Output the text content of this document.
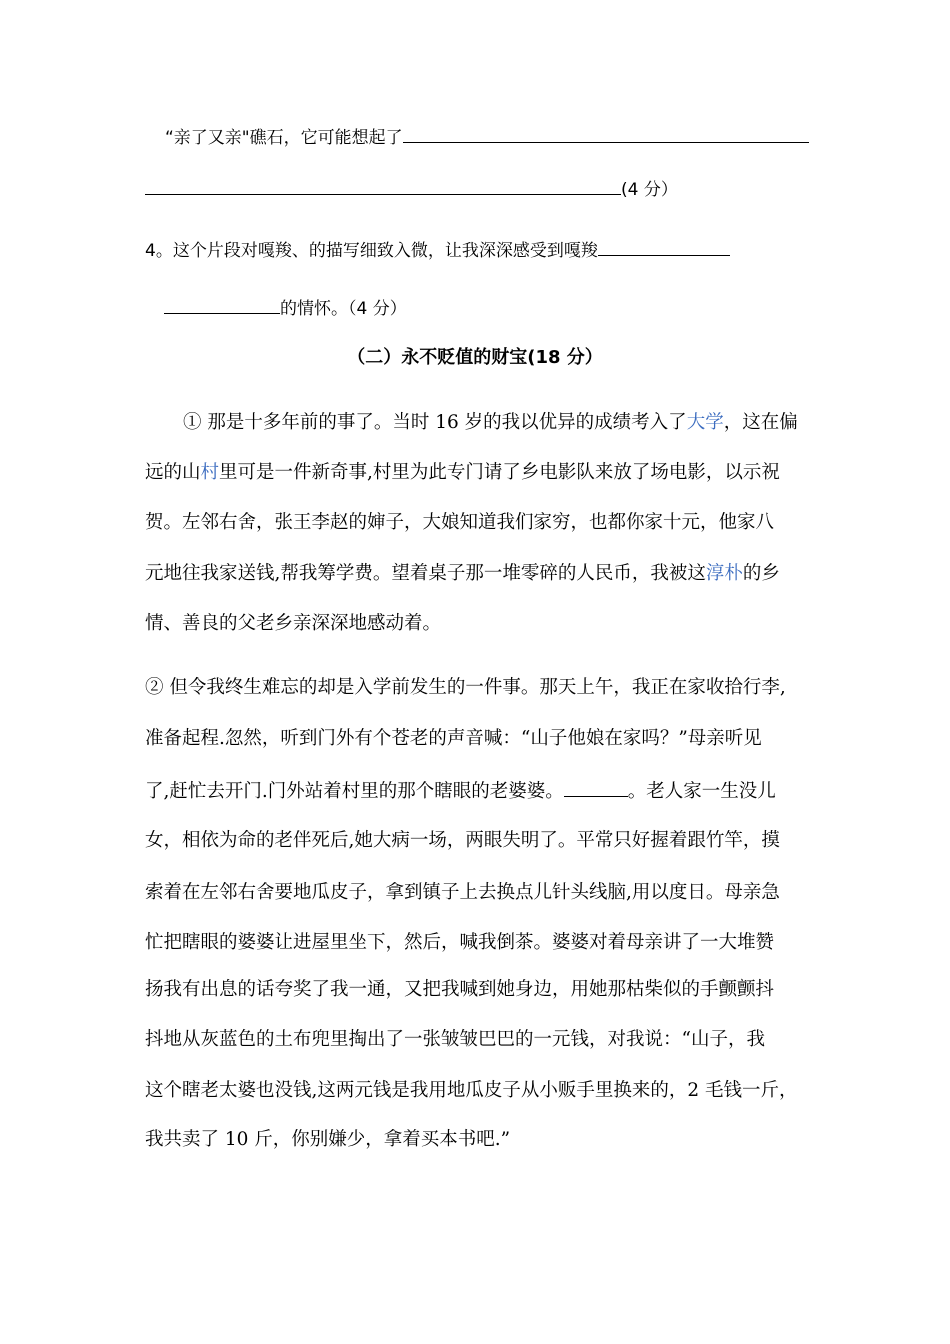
“亲了又亲"礁石，它可能想起了
(4 分）
4。这个片段对嘎羧、的描写细致入微，让我深深感受到嘎羧
的情怀。（4 分）
（二）永不贬值的财宝(18 分）
① 那是十多年前的事了。当时 16 岁的我以优异的成绩考入了大学，这在偏
远的山村里可是一件新奇事,村里为此专门请了乡电影队来放了场电影，以示祝
贺。左邻右舍，张王李赵的婶子，大娘知道我们家穷，也都你家十元，他家八
元地往我家送钱,帮我筹学费。望着桌子那一堆零碎的人民币，我被这淳朴的乡
情、善良的父老乡亲深深地感动着。
② 但令我终生难忘的却是入学前发生的一件事。那天上午，我正在家收拾行李,
准备起程.忽然，听到门外有个苍老的声音喊：“山子他娘在家吗？”母亲听见
了,赶忙去开门.门外站着村里的那个瞎眼的老婆婆。	。老人家一生没儿
女，相依为命的老伴死后,她大病一场，两眼失明了。平常只好握着跟竹竿，摸
索着在左邻右舍要地瓜皮子，拿到镇子上去换点儿针头线脑,用以度日。母亲急
忙把瞎眼的婆婆让进屋里坐下，然后，喊我倒茶。婆婆对着母亲讲了一大堆赞
扬我有出息的话夸奖了我一通，又把我喊到她身边，用她那枯柴似的手颤颤抖
抖地从灰蓝色的土布兜里掏出了一张皱皱巴巴的一元钱，对我说：“山子，我
这个瞎老太婆也没钱,这两元钱是我用地瓜皮子从小贩手里换来的，2 毛钱一斤，
我共卖了 10 斤，你别嫌少，拿着买本书吧.”
